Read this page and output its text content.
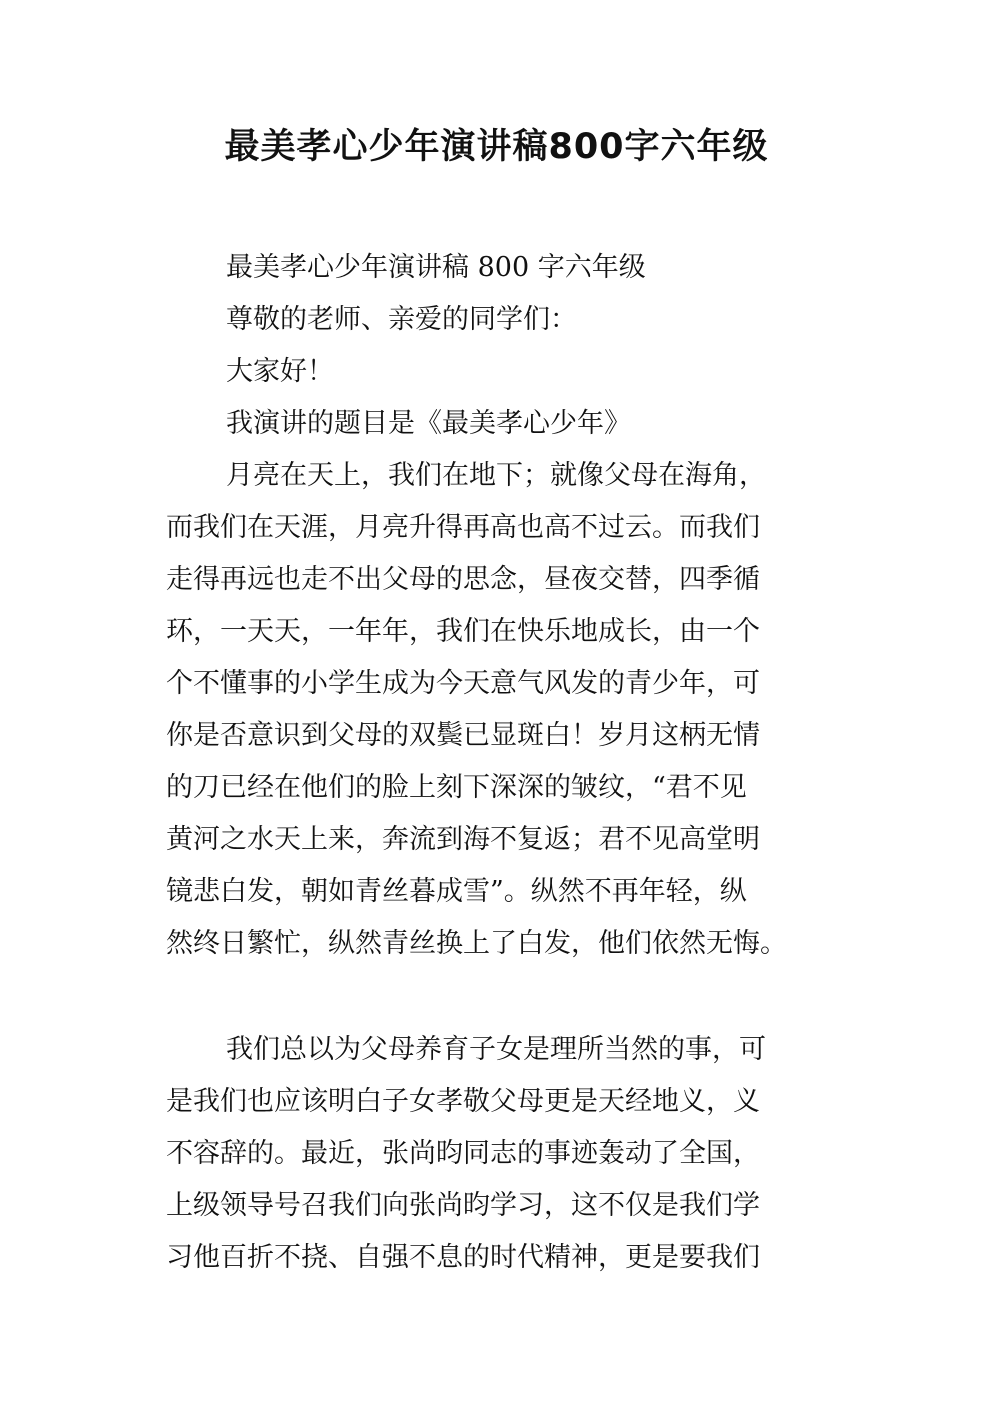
最美孝心少年演讲稿800字六年级
最美孝心少年演讲稿 800 字六年级
尊敬的老师、亲爱的同学们：
大家好！
我演讲的题目是《最美孝心少年》
月亮在天上，我们在地下；就像父母在海角，
而我们在天涯，月亮升得再高也高不过云。而我们
走得再远也走不出父母的思念，昼夜交替，四季循
环，一天天，一年年，我们在快乐地成长，由一个
个不懂事的小学生成为今天意气风发的青少年，可
你是否意识到父母的双鬓已显斑白！岁月这柄无情
的刀已经在他们的脸上刻下深深的皱纹，“君不见
黄河之水天上来，奔流到海不复返；君不见高堂明
镜悲白发，朝如青丝暮成雪”。纵然不再年轻，纵
然终日繁忙，纵然青丝换上了白发，他们依然无悔。
我们总以为父母养育子女是理所当然的事，可
是我们也应该明白子女孝敬父母更是天经地义，义
不容辞的。最近，张尚昀同志的事迹轰动了全国，
上级领导号召我们向张尚昀学习，这不仅是我们学
习他百折不挠、自强不息的时代精神，更是要我们
